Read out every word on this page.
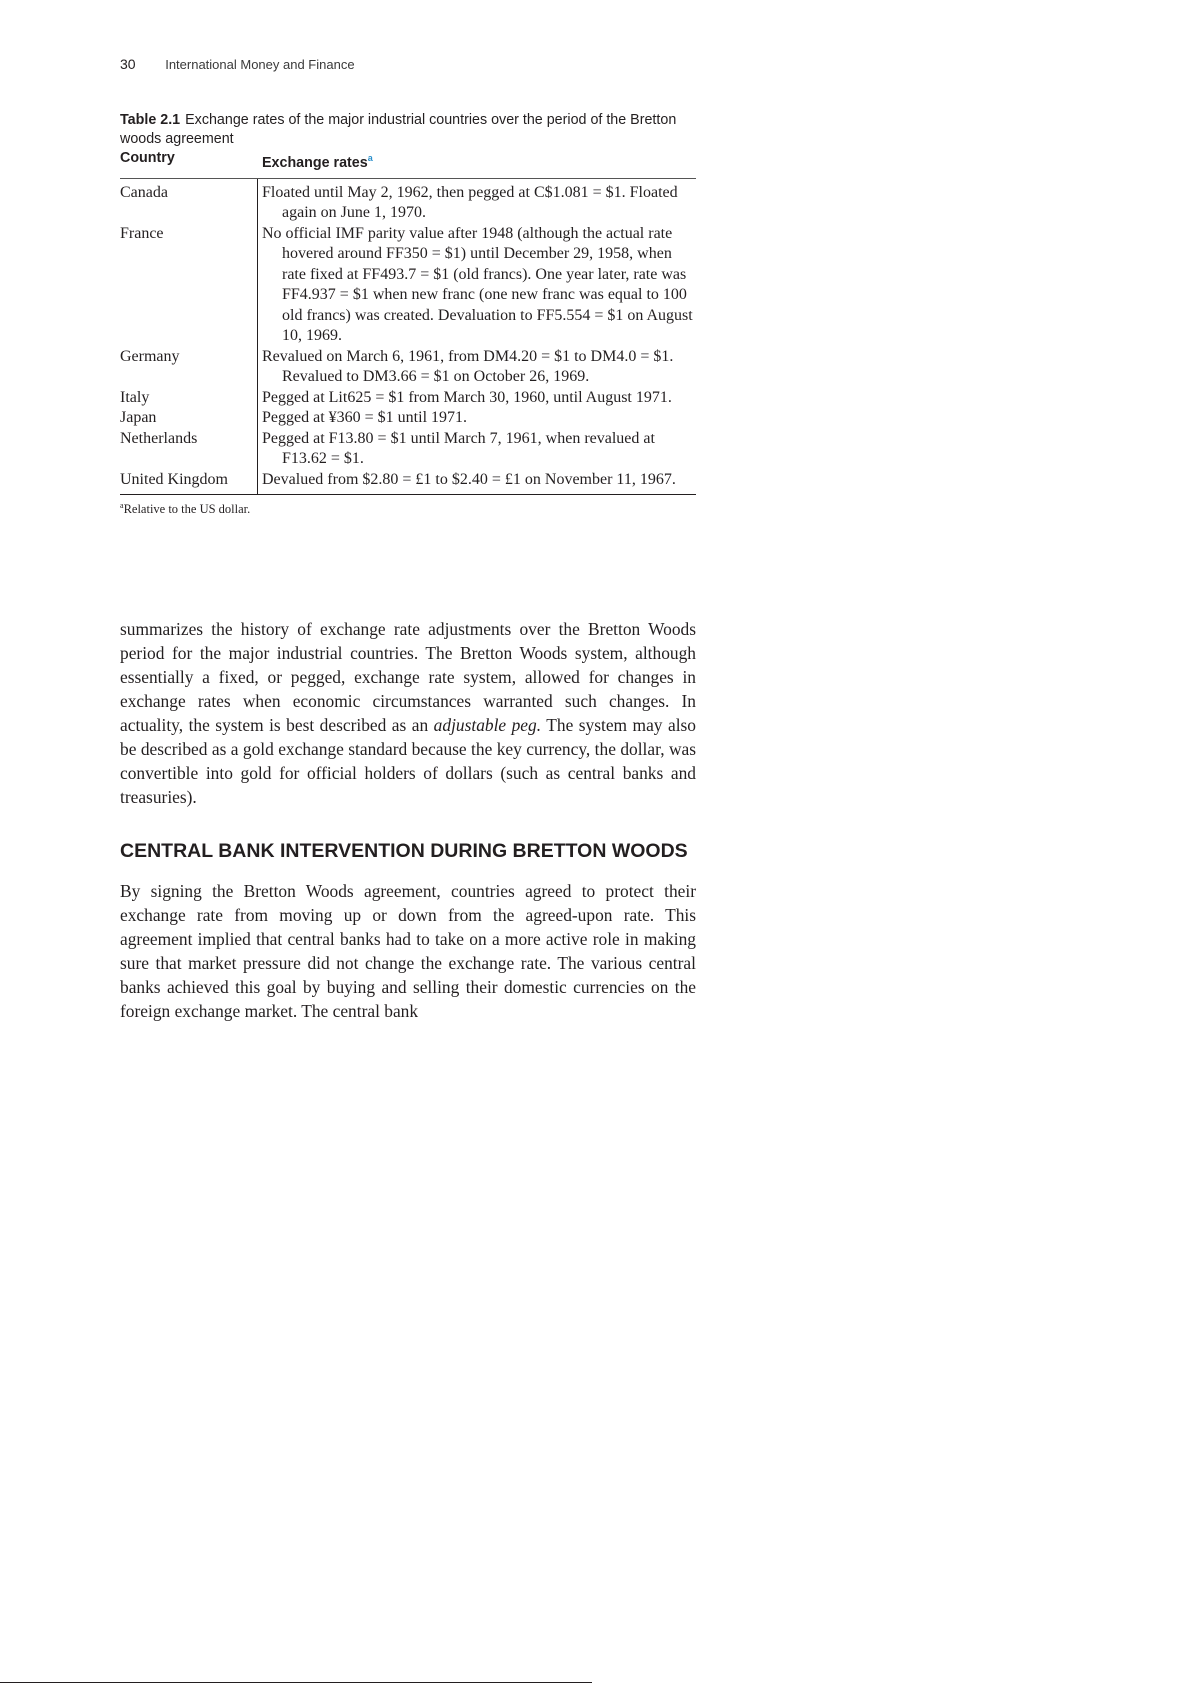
30 International Money and Finance
Table 2.1 Exchange rates of the major industrial countries over the period of the Bretton woods agreement
Country	Exchange rates$^a$
Canada	Floated until May 2, 1962, then pegged at C$1.081 = $1. Floated again on June 1, 1970.
France	No official IMF parity value after 1948 (although the actual rate hovered around FF350 = $1) until December 29, 1958, when rate fixed at FF493.7 = $1 (old francs). One year later, rate was FF4.937 = $1 when new franc (one new franc was equal to 100 old francs) was created. Devaluation to FF5.554 = $1 on August 10, 1969.
Germany	Revalued on March 6, 1961, from DM4.20 = $1 to DM4.0 = $1. Revalued to DM3.66 = $1 on October 26, 1969.
Italy	Pegged at Lit625 = $1 from March 30, 1960, until August 1971.
Japan	Pegged at ¥360 = $1 until 1971.
Netherlands	Pegged at F13.80 = $1 until March 7, 1961, when revalued at F13.62 = $1.
United Kingdom	Devalued from $2.80 = £1 to $2.40 = £1 on November 11, 1967.
$^a$Relative to the US dollar.
summarizes the history of exchange rate adjustments over the Bretton Woods period for the major industrial countries. The Bretton Woods system, although essentially a fixed, or pegged, exchange rate system, allowed for changes in exchange rates when economic circumstances warranted such changes. In actuality, the system is best described as an adjustable peg. The system may also be described as a gold exchange standard because the key currency, the dollar, was convertible into gold for official holders of dollars (such as central banks and treasuries).
CENTRAL BANK INTERVENTION DURING BRETTON WOODS
By signing the Bretton Woods agreement, countries agreed to protect their exchange rate from moving up or down from the agreed-upon rate. This agreement implied that central banks had to take on a more active role in making sure that market pressure did not change the exchange rate. The various central banks achieved this goal by buying and selling their domestic currencies on the foreign exchange market. The central bank
